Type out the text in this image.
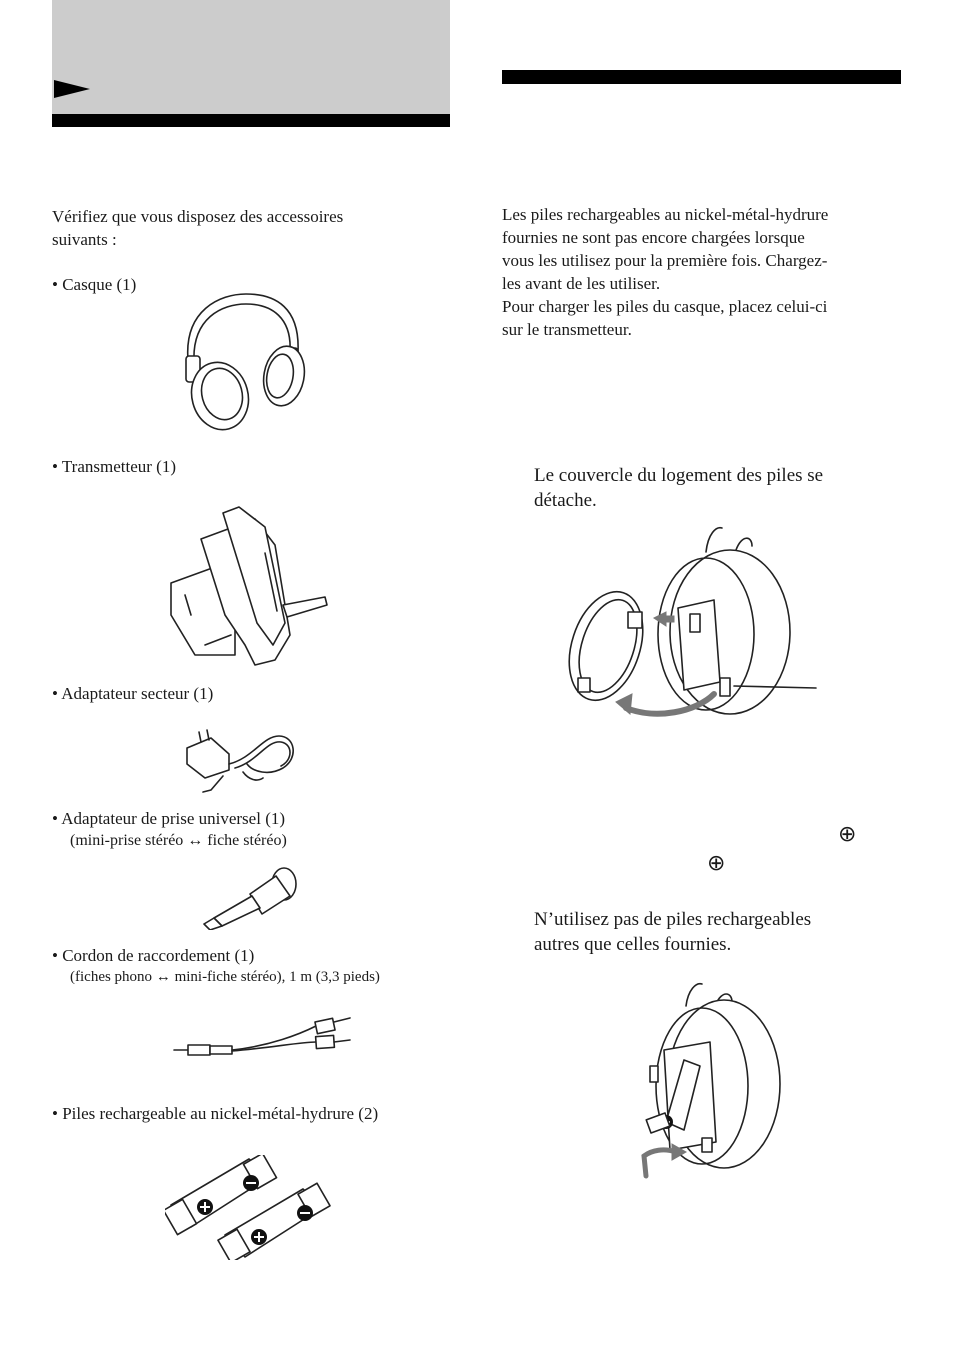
Vérifiez que vous disposez des accessoires
suivants :
• Casque (1)
• Transmetteur (1)
• Adaptateur secteur (1)
• Adaptateur de prise universel (1)
(mini-prise stéréo ↔ fiche stéréo)
• Cordon de raccordement (1)
(fiches phono ↔ mini-fiche stéréo), 1 m (3,3 pieds)
• Piles rechargeable au nickel-métal-hydrure (2)
Les piles rechargeables au nickel-métal-hydrure
fournies ne sont pas encore chargées lorsque
vous les utilisez pour la première fois. Chargez-
les avant de les utiliser.
Pour charger les piles du casque, placez celui-ci
sur le transmetteur.
Le couvercle du logement des piles se
détache.
⊕
⊕
N’utilisez pas de piles rechargeables
autres que celles fournies.
